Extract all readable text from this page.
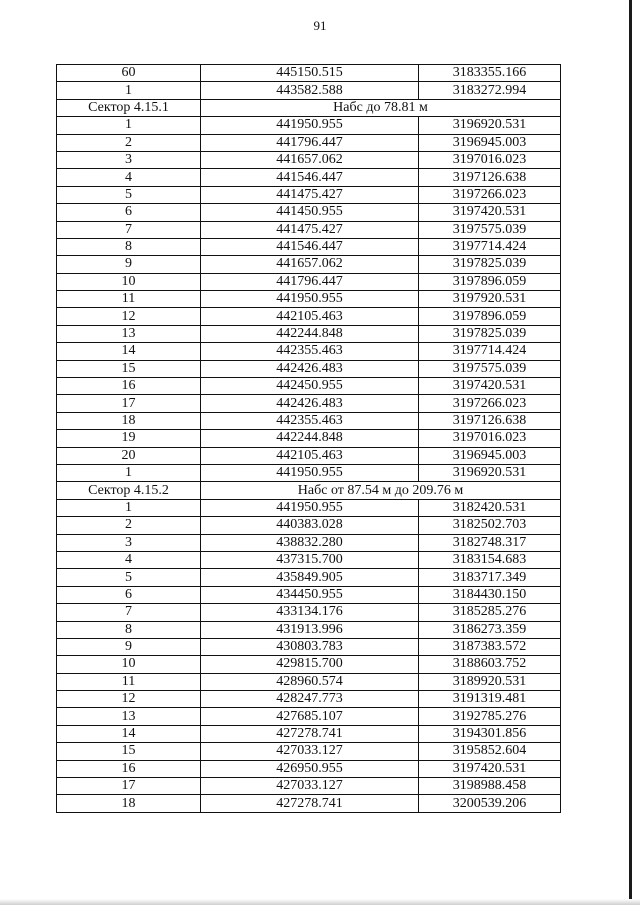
91
60	445150.515	3183355.166
1	443582.588	3183272.994
Сектор 4.15.1	Набс до 78.81 м	
1	441950.955	3196920.531
2	441796.447	3196945.003
3	441657.062	3197016.023
4	441546.447	3197126.638
5	441475.427	3197266.023
6	441450.955	3197420.531
7	441475.427	3197575.039
8	441546.447	3197714.424
9	441657.062	3197825.039
10	441796.447	3197896.059
11	441950.955	3197920.531
12	442105.463	3197896.059
13	442244.848	3197825.039
14	442355.463	3197714.424
15	442426.483	3197575.039
16	442450.955	3197420.531
17	442426.483	3197266.023
18	442355.463	3197126.638
19	442244.848	3197016.023
20	442105.463	3196945.003
1	441950.955	3196920.531
Сектор 4.15.2	Набс от 87.54 м до 209.76 м	
1	441950.955	3182420.531
2	440383.028	3182502.703
3	438832.280	3182748.317
4	437315.700	3183154.683
5	435849.905	3183717.349
6	434450.955	3184430.150
7	433134.176	3185285.276
8	431913.996	3186273.359
9	430803.783	3187383.572
10	429815.700	3188603.752
11	428960.574	3189920.531
12	428247.773	3191319.481
13	427685.107	3192785.276
14	427278.741	3194301.856
15	427033.127	3195852.604
16	426950.955	3197420.531
17	427033.127	3198988.458
18	427278.741	3200539.206
